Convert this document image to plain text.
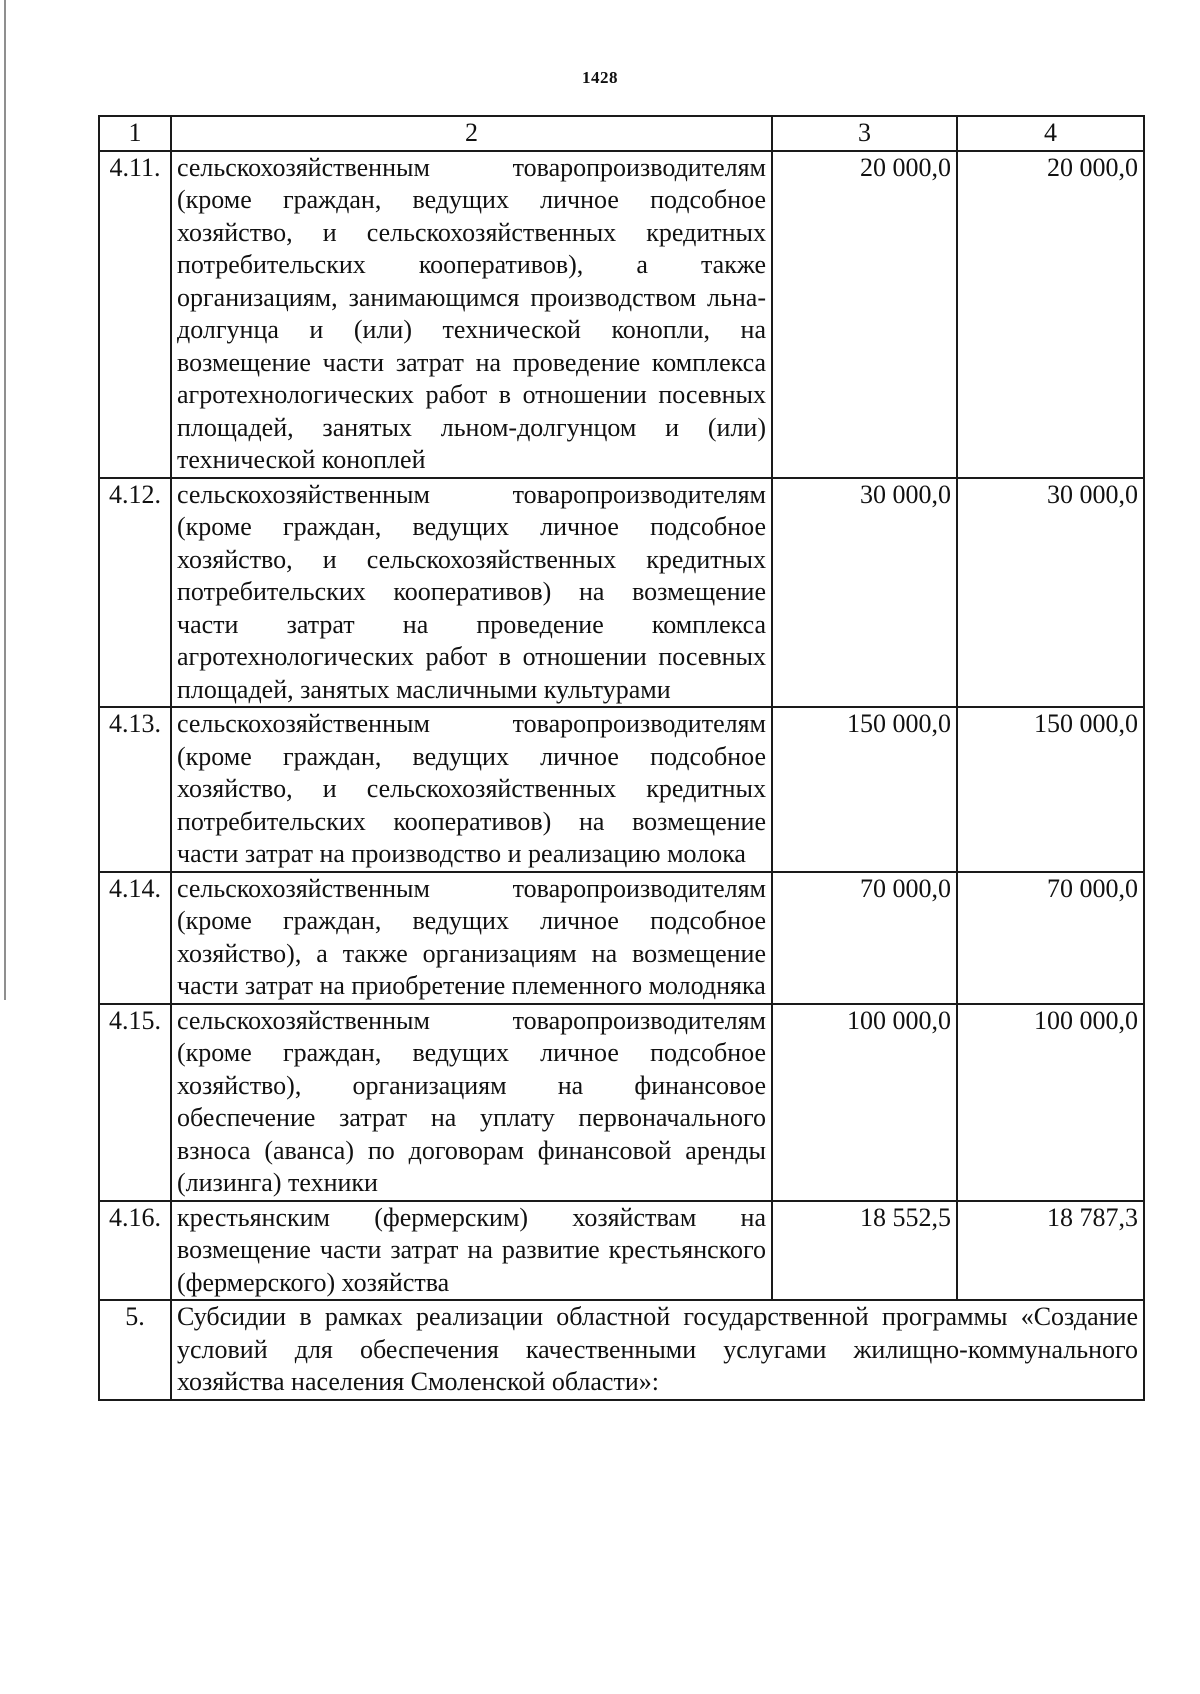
1428
1	2	3	4
4.11.	сельскохозяйственным товаропроизводителям (кроме граждан, ведущих личное подсобное хозяйство, и сельскохозяйственных кредитных потребительских кооперативов), а также организациям, занимающимся производством льна-долгунца и (или) технической конопли, на возмещение части затрат на проведение комплекса агротехнологических работ в отношении посевных площадей, занятых льном-долгунцом и (или) технической коноплей	20 000,0	20 000,0
4.12.	сельскохозяйственным товаропроизводителям (кроме граждан, ведущих личное подсобное хозяйство, и сельскохозяйственных кредитных потребительских кооперативов) на возмещение части затрат на проведение комплекса агротехнологических работ в отношении посевных площадей, занятых масличными культурами	30 000,0	30 000,0
4.13.	сельскохозяйственным товаропроизводителям (кроме граждан, ведущих личное подсобное хозяйство, и сельскохозяйственных кредитных потребительских кооперативов) на возмещение части затрат на производство и реализацию молока	150 000,0	150 000,0
4.14.	сельскохозяйственным товаропроизводителям (кроме граждан, ведущих личное подсобное хозяйство), а также организациям на возмещение части затрат на приобретение племенного молодняка	70 000,0	70 000,0
4.15.	сельскохозяйственным товаропроизводителям (кроме граждан, ведущих личное подсобное хозяйство), организациям на финансовое обеспечение затрат на уплату первоначального взноса (аванса) по договорам финансовой аренды (лизинга) техники	100 000,0	100 000,0
4.16.	крестьянским (фермерским) хозяйствам на возмещение части затрат на развитие крестьянского (фермерского) хозяйства	18 552,5	18 787,3
5.	Субсидии в рамках реализации областной государственной программы «Создание условий для обеспечения качественными услугами жилищно-коммунального хозяйства населения Смоленской области»:		
